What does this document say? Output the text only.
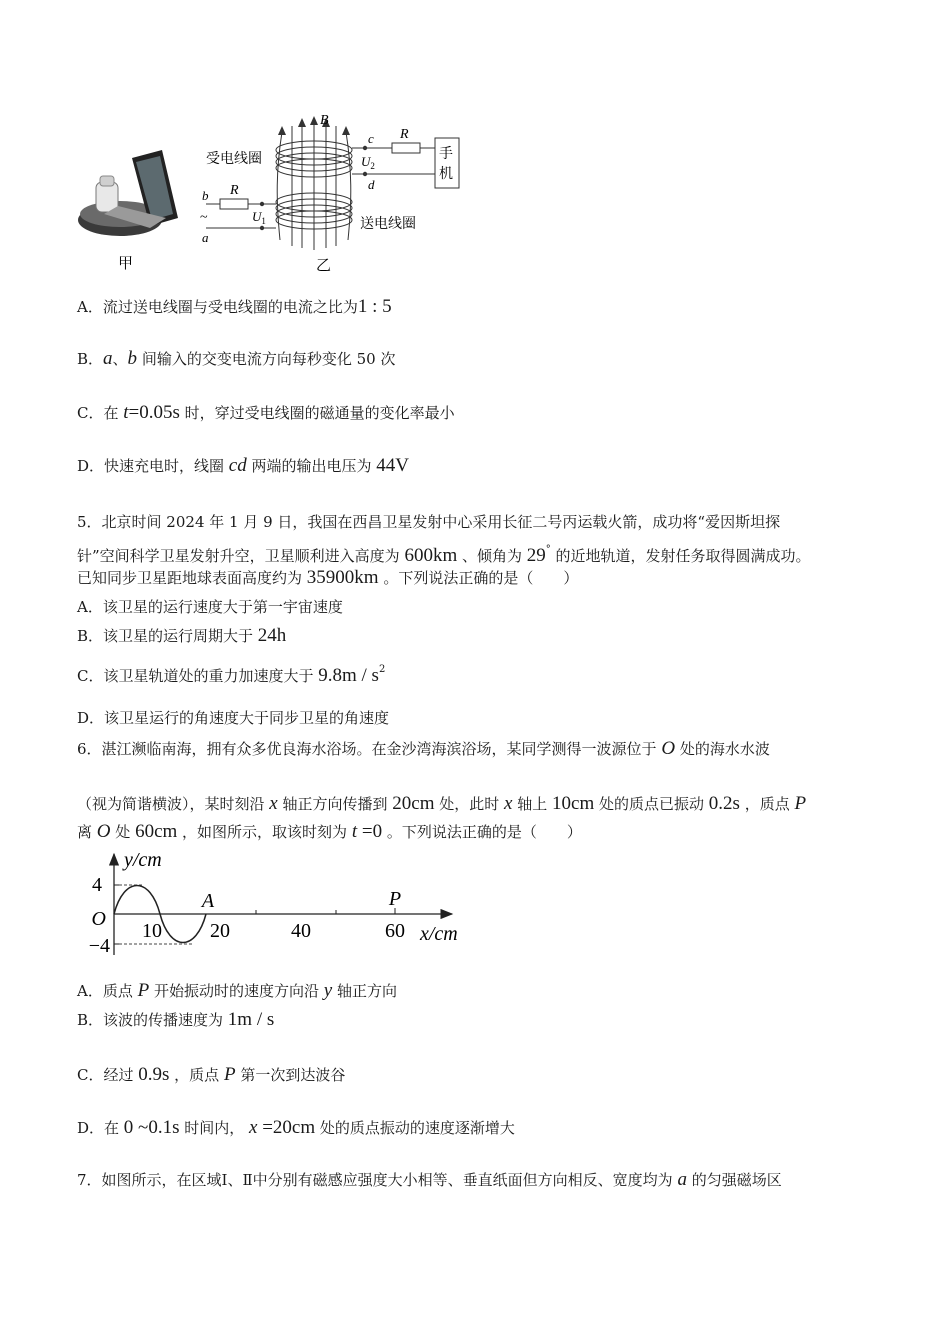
甲
B
受电线圈
送电线圈
c
d
R
$U_2$
手机
b R
~
a
$U_1$
乙
A．流过送电线圈与受电线圈的电流之比为1 : 5
B．a、b 间输入的交变电流方向每秒变化 50 次
C．在 t=0.05s 时，穿过受电线圈的磁通量的变化率最小
D．快速充电时，线圈 cd 两端的输出电压为 44V
5．北京时间 2024 年 1 月 9 日，我国在西昌卫星发射中心采用长征二号丙运载火箭，成功将“爱因斯坦探
针”空间科学卫星发射升空，卫星顺利进入高度为 600km 、倾角为 29° 的近地轨道，发射任务取得圆满成功。
已知同步卫星距地球表面高度约为 35900km 。下列说法正确的是（　　）
A．该卫星的运行速度大于第一宇宙速度
B．该卫星的运行周期大于 24h
C．该卫星轨道处的重力加速度大于 $9.8m / s^2$
D．该卫星运行的角速度大于同步卫星的角速度
6．湛江濒临南海，拥有众多优良海水浴场。在金沙湾海滨浴场，某同学测得一波源位于 O 处的海水水波
（视为简谐横波），某时刻沿 x 轴正方向传播到 20cm 处，此时 x 轴上 10cm 处的质点已振动 0.2s ，质点 P
离 O 处 60cm ，如图所示，取该时刻为 t =0 。下列说法正确的是（　　）
y/cm
4
−4
O
10 20	40	60 x/cm
A	P
A．质点 P 开始振动时的速度方向沿 y 轴正方向
B．该波的传播速度为 1m / s
C．经过 0.9s ，质点 P 第一次到达波谷
D．在 0 ~0.1s 时间内， x =20cm 处的质点振动的速度逐渐增大
7．如图所示，在区域Ⅰ、Ⅱ中分别有磁感应强度大小相等、垂直纸面但方向相反、宽度均为 a 的匀强磁场区
